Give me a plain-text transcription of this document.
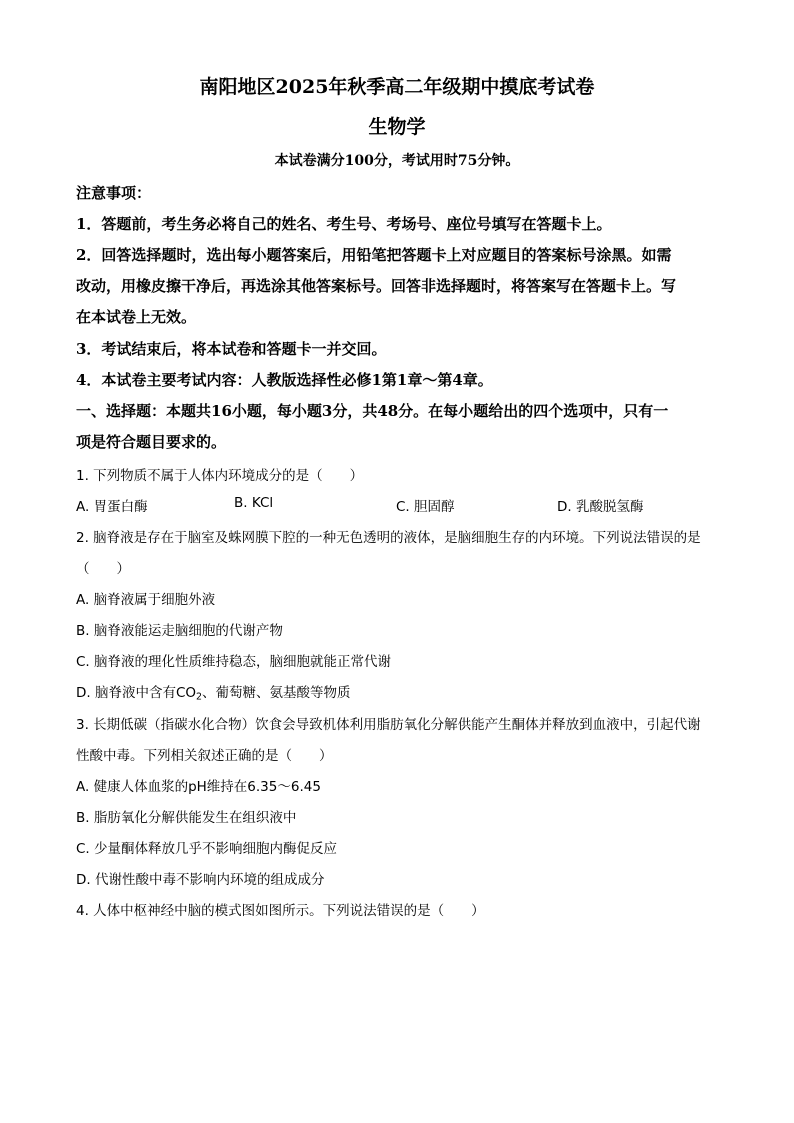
南阳地区2025年秋季高二年级期中摸底考试卷
生物学
本试卷满分100分，考试用时75分钟。
注意事项：
1．答题前，考生务必将自己的姓名、考生号、考场号、座位号填写在答题卡上。
2．回答选择题时，选出每小题答案后，用铅笔把答题卡上对应题目的答案标号涂黑。如需
改动，用橡皮擦干净后，再选涂其他答案标号。回答非选择题时，将答案写在答题卡上。写
在本试卷上无效。
3．考试结束后，将本试卷和答题卡一并交回。
4．本试卷主要考试内容：人教版选择性必修1第1章～第4章。
一、选择题：本题共16小题，每小题3分，共48分。在每小题给出的四个选项中，只有一
项是符合题目要求的。
1. 下列物质不属于人体内环境成分的是（　　）
A. 胃蛋白酶	B. KCl	C. 胆固醇	D. 乳酸脱氢酶
2. 脑脊液是存在于脑室及蛛网膜下腔的一种无色透明的液体，是脑细胞生存的内环境。下列说法错误的是
（　　）
A. 脑脊液属于细胞外液
B. 脑脊液能运走脑细胞的代谢产物
C. 脑脊液的理化性质维持稳态，脑细胞就能正常代谢
D. 脑脊液中含有$CO_2$、葡萄糖、氨基酸等物质
3. 长期低碳（指碳水化合物）饮食会导致机体利用脂肪氧化分解供能产生酮体并释放到血液中，引起代谢
性酸中毒。下列相关叙述正确的是（　　）
A. 健康人体血浆的pH维持在6.35～6.45
B. 脂肪氧化分解供能发生在组织液中
C. 少量酮体释放几乎不影响细胞内酶促反应
D. 代谢性酸中毒不影响内环境的组成成分
4. 人体中枢神经中脑的模式图如图所示。下列说法错误的是（　　）
